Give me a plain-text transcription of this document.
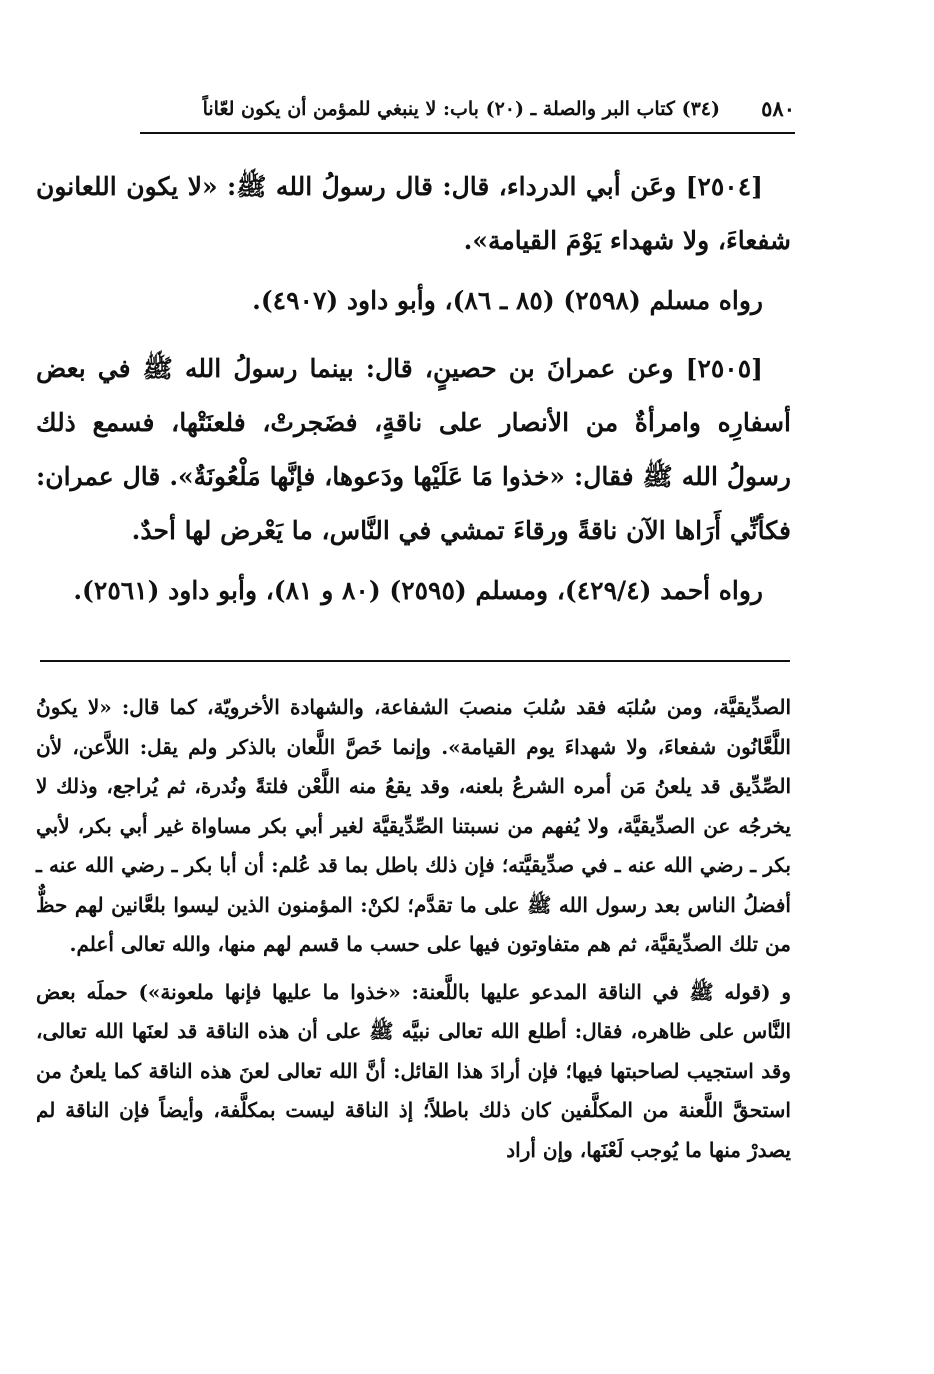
(٣٤) كتاب البر والصلة ـ (٢٠) باب: لا ينبغي للمؤمن أن يكون لعّاناً ٥٨٠

[٢٥٠٤] وعَن أبي الدرداء، قال: قال رسولُ الله ﷺ: «لا يكون اللعانون شفعاءَ، ولا شهداء يَوْمَ القيامة».

رواه مسلم (٢٥٩٨) (٨٥ ـ ٨٦)، وأبو داود (٤٩٠٧).

[٢٥٠٥] وعن عمرانَ بن حصينٍ، قال: بينما رسولُ الله ﷺ في بعض أسفارِه وامرأةٌ من الأنصار على ناقةٍ، فضَجرتْ، فلعنَتْها، فسمع ذلك رسولُ الله ﷺ فقال: «خذوا مَا عَلَيْها ودَعوها، فإنَّها مَلْعُونَةٌ». قال عمران: فكأنِّي أَرَاها الآن ناقةً ورقاءَ تمشي في النَّاس، ما يَعْرض لها أحدٌ.

رواه أحمد (٤٢٩/٤)، ومسلم (٢٥٩٥) (٨٠ و ٨١)، وأبو داود (٢٥٦١).

الصدِّيقيَّة، ومن سُلبَه فقد سُلبَ منصبَ الشفاعة، والشهادة الأخرويّة، كما قال: «لا يكونُ اللَّعَّانُون شفعاءَ، ولا شهداءَ يوم القيامة». وإنما خَصَّ اللَّعان بالذكر ولم يقل: اللاَّعن، لأن الصِّدِّيق قد يلعنُ مَن أمره الشرعُ بلعنه، وقد يقعُ منه اللَّعْن فلتةً ونُدرة، ثم يُراجع، وذلك لا يخرجُه عن الصدِّيقيَّة، ولا يُفهم من نسبتنا الصِّدِّيقيَّة لغير أبي بكر مساواة غير أبي بكر، لأبي بكر ـ رضي الله عنه ـ في صدِّيقيَّته؛ فإن ذلك باطل بما قد عُلم: أن أبا بكر ـ رضي الله عنه ـ أفضلُ الناس بعد رسول الله ﷺ على ما تقدَّم؛ لكنْ: المؤمنون الذين ليسوا بلعَّانين لهم حظٌّ من تلك الصدِّيقيَّة، ثم هم متفاوتون فيها على حسب ما قسم لهم منها، والله تعالى أعلم.

و (قوله ﷺ في الناقة المدعو عليها باللَّعنة: «خذوا ما عليها فإنها ملعونة») حملَه بعض النَّاس على ظاهره، فقال: أطلع الله تعالى نبيَّه ﷺ على أن هذه الناقة قد لعنَها الله تعالى، وقد استجيب لصاحبتها فيها؛ فإن أرادَ هذا القائل: أنَّ الله تعالى لعنَ هذه الناقة كما يلعنُ من استحقَّ اللَّعنة من المكلَّفين كان ذلك باطلاً؛ إذ الناقة ليست بمكلَّفة، وأيضاً فإن الناقة لم يصدرْ منها ما يُوجب لَعْنَها، وإن أراد
